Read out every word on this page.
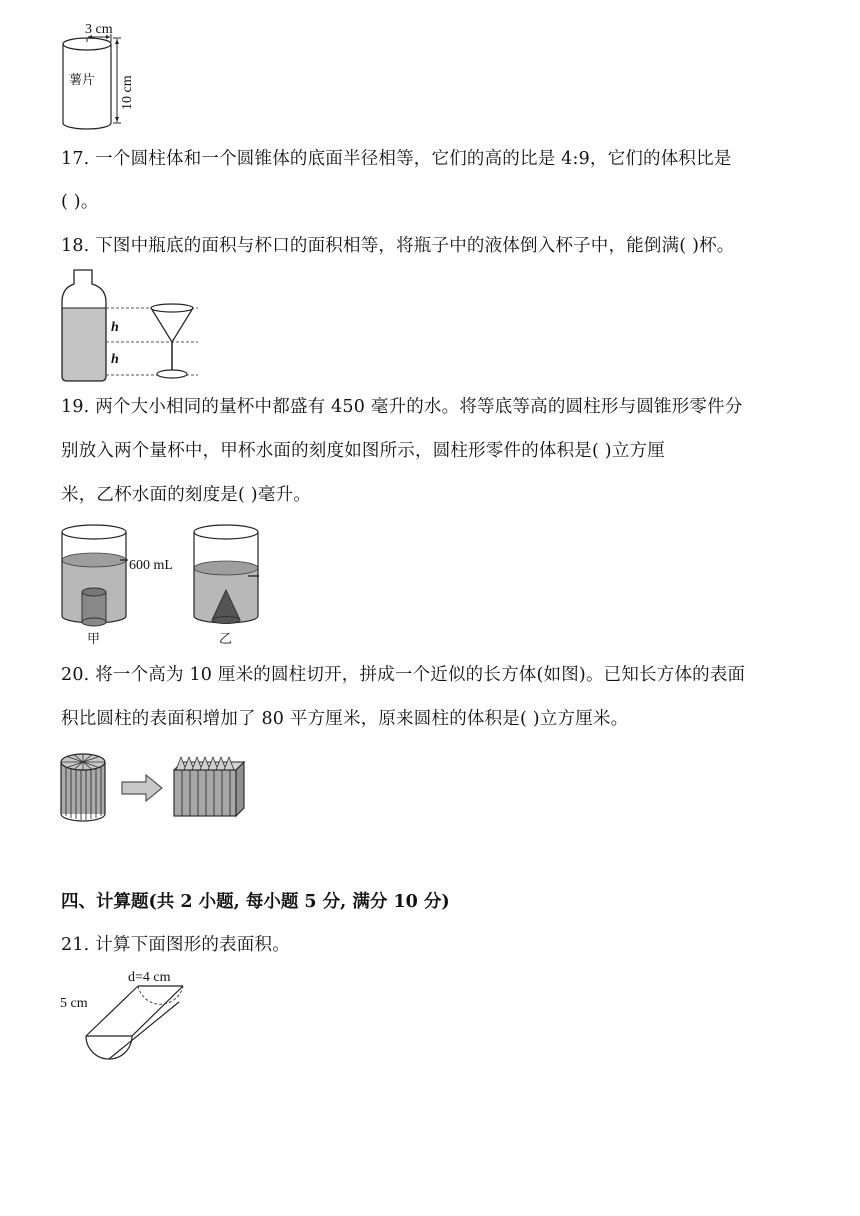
3 cm
10 cm
薯片
17. 一个圆柱体和一个圆锥体的底面半径相等，它们的高的比是 4:9，它们的体积比是
( )。
18. 下图中瓶底的面积与杯口的面积相等，将瓶子中的液体倒入杯子中，能倒满( )杯。
h
h
19. 两个大小相同的量杯中都盛有 450 毫升的水。将等底等高的圆柱形与圆锥形零件分
别放入两个量杯中，甲杯水面的刻度如图所示，圆柱形零件的体积是( )立方厘
米，乙杯水面的刻度是( )毫升。
600 mL
甲	乙
20. 将一个高为 10 厘米的圆柱切开，拼成一个近似的长方体(如图)。已知长方体的表面
积比圆柱的表面积增加了 80 平方厘米，原来圆柱的体积是( )立方厘米。
四、计算题(共 2 小题, 每小题 5 分, 满分 10 分)
21. 计算下面图形的表面积。
d=4 cm
5 cm
